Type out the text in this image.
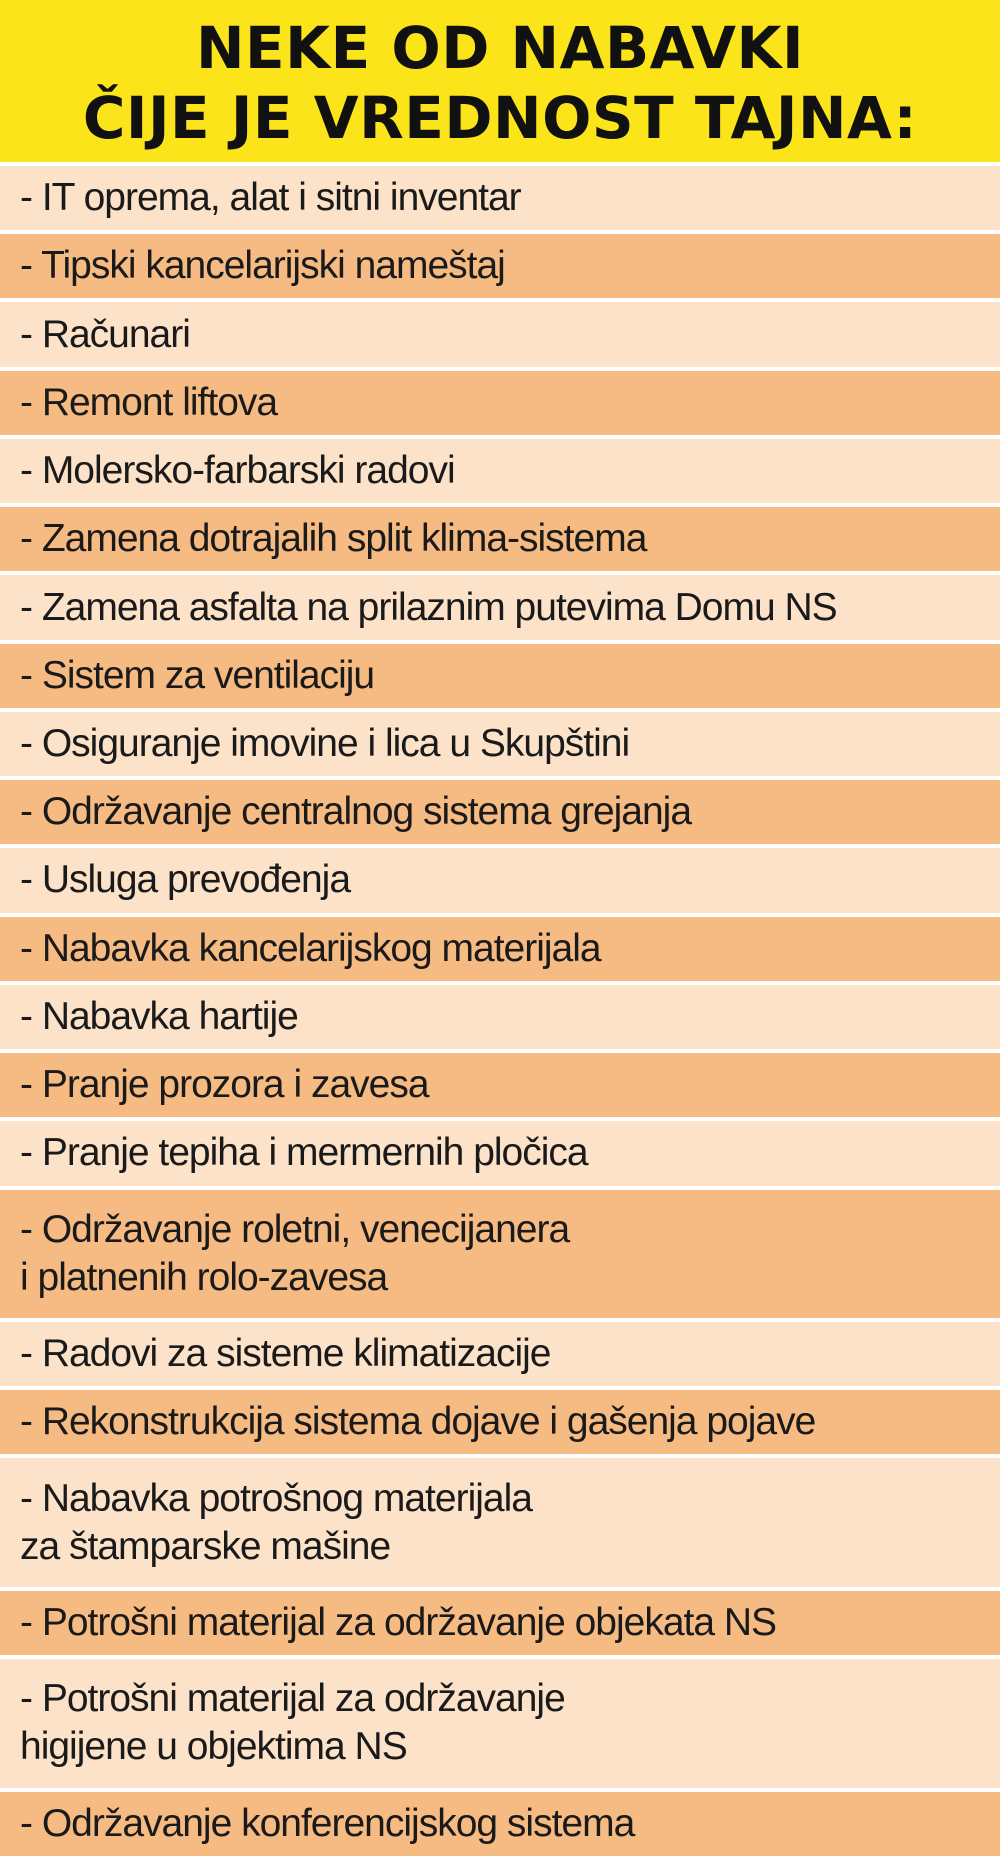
NEKE OD NABAVKI
ČIJE JE VREDNOST TAJNA:
- IT oprema, alat i sitni inventar
- Tipski kancelarijski nameštaj
- Računari
- Remont liftova
- Molersko-farbarski radovi
- Zamena dotrajalih split klima-sistema
- Zamena asfalta na prilaznim putevima Domu NS
- Sistem za ventilaciju
- Osiguranje imovine i lica u Skupštini
- Održavanje centralnog sistema grejanja
- Usluga prevođenja
- Nabavka kancelarijskog materijala
- Nabavka hartije
- Pranje prozora i zavesa
- Pranje tepiha i mermernih pločica
- Održavanje roletni, venecijanera
i platnenih rolo-zavesa
- Radovi za sisteme klimatizacije
- Rekonstrukcija sistema dojave i gašenja pojave
- Nabavka potrošnog materijala
za štamparske mašine
- Potrošni materijal za održavanje objekata NS
- Potrošni materijal za održavanje
higijene u objektima NS
- Održavanje konferencijskog sistema
